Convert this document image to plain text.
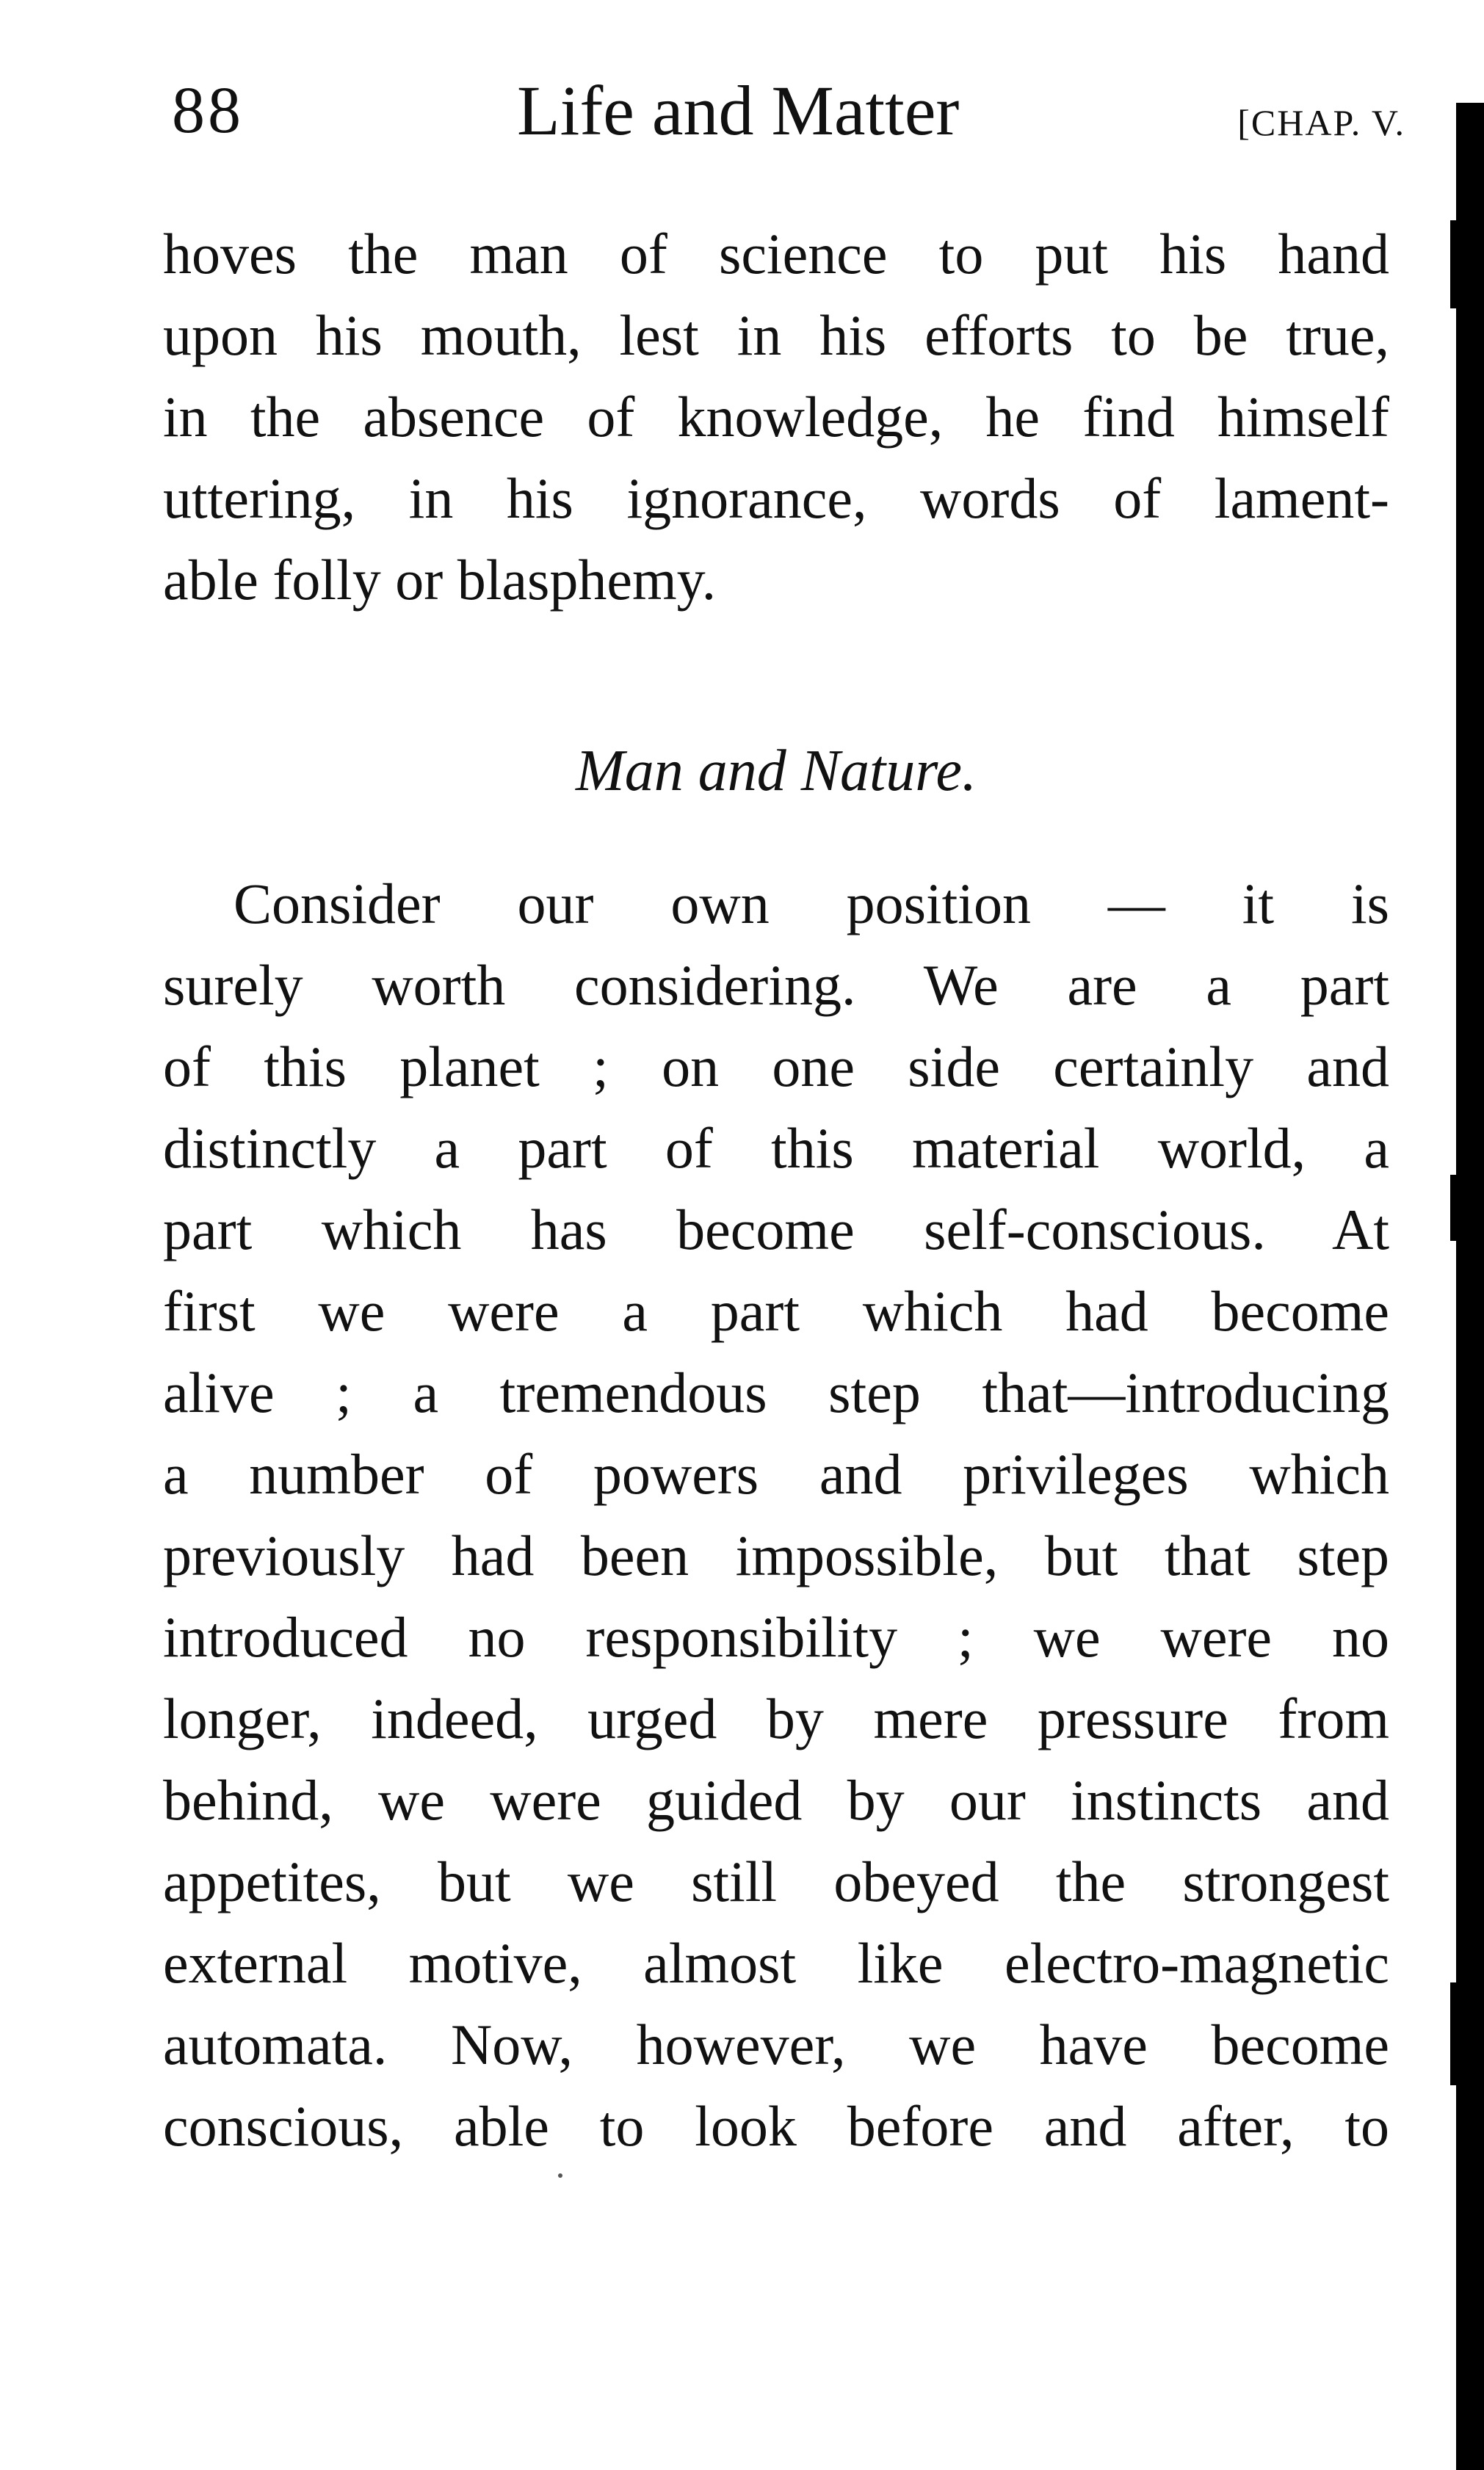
88	Life and Matter	[CHAP. V.
hoves the man of science to put his hand
upon his mouth, lest in his efforts to be true,
in the absence of knowledge, he find himself
uttering, in his ignorance, words of lament-
able folly or blasphemy.
Man and Nature.
Consider our own position — it is
surely worth considering. We are a part
of this planet ; on one side certainly and
distinctly a part of this material world, a
part which has become self-conscious. At
first we were a part which had become
alive ; a tremendous step that—introducing
a number of powers and privileges which
previously had been impossible, but that step
introduced no responsibility ; we were no
longer, indeed, urged by mere pressure from
behind, we were guided by our instincts and
appetites, but we still obeyed the strongest
external motive, almost like electro-magnetic
automata. Now, however, we have become
conscious, able to look before and after, to
